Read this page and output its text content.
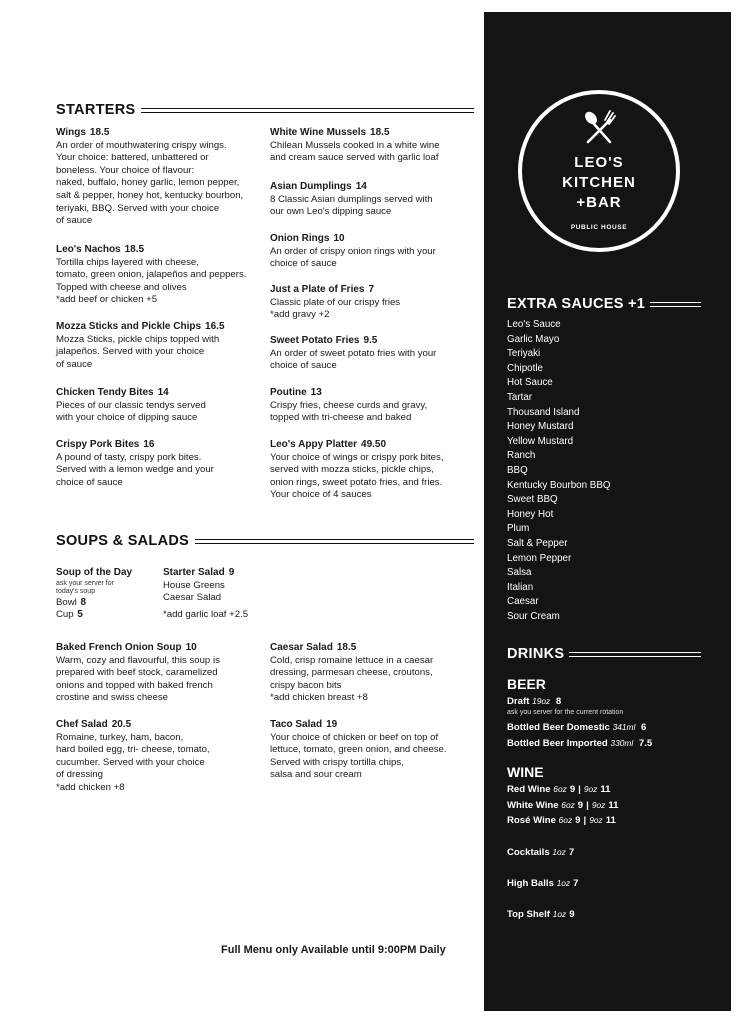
STARTERS
Wings 18.5
An order of mouthwatering crispy wings.
Your choice: battered, unbattered or
boneless. Your choice of flavour:
naked, buffalo, honey garlic, lemon pepper,
salt & pepper, honey hot, kentucky bourbon,
teriyaki, BBQ. Served with your choice
of sauce
Leo's Nachos 18.5
Tortilla chips layered with cheese,
tomato, green onion, jalapeños and peppers.
Topped with cheese and olives
*add beef or chicken +5
Mozza Sticks and Pickle Chips 16.5
Mozza Sticks, pickle chips topped with
jalapeños. Served with your choice
of sauce
Chicken Tendy Bites 14
Pieces of our classic tendys served
with your choice of dipping sauce
Crispy Pork Bites 16
A pound of tasty, crispy pork bites.
Served with a lemon wedge and your
choice of sauce
White Wine Mussels 18.5
Chilean Mussels cooked in a white wine
and cream sauce served with garlic loaf
Asian Dumplings 14
8 Classic Asian dumplings served with
our own Leo's dipping sauce
Onion Rings 10
An order of crispy onion rings with your
choice of sauce
Just a Plate of Fries 7
Classic plate of our crispy fries
*add gravy +2
Sweet Potato Fries 9.5
An order of sweet potato fries with your
choice of sauce
Poutine 13
Crispy fries, cheese curds and gravy,
topped with tri-cheese and baked
Leo's Appy Platter 49.50
Your choice of wings or crispy pork bites,
served with mozza sticks, pickle chips,
onion rings, sweet potato fries, and fries.
Your choice of 4 sauces
SOUPS & SALADS
Soup of the Day
ask your server for
today's soup
Bowl 8
Cup 5
Starter Salad 9
House Greens
Caesar Salad
*add garlic loaf +2.5
Baked French Onion Soup 10
Warm, cozy and flavourful, this soup is
prepared with beef stock, caramelized
onions and topped with baked french
crostine and swiss cheese
Chef Salad 20.5
Romaine, turkey, ham, bacon,
hard boiled egg, tri- cheese, tomato,
cucumber. Served with your choice
of dressing
*add chicken +8
Caesar Salad 18.5
Cold, crisp romaine lettuce in a caesar
dressing, parmesan cheese, croutons,
crispy bacon bits
*add chicken breast +8
Taco Salad 19
Your choice of chicken or beef on top of
lettuce, tomato, green onion, and cheese.
Served with crispy tortilla chips,
salsa and sour cream
Full Menu only Available until 9:00PM Daily
LEO'S
KITCHEN
+BAR
PUBLIC HOUSE
EXTRA SAUCES +1
Leo's Sauce
Garlic Mayo
Teriyaki
Chipotle
Hot Sauce
Tartar
Thousand Island
Honey Mustard
Yellow Mustard
Ranch
BBQ
Kentucky Bourbon BBQ
Sweet BBQ
Honey Hot
Plum
Salt & Pepper
Lemon Pepper
Salsa
Italian
Caesar
Sour Cream
DRINKS
BEER
Draft 19oz 8
ask you server for the current rotation
Bottled Beer Domestic 341ml 6
Bottled Beer Imported 330ml 7.5
WINE
Red Wine 6oz 9 | 9oz 11
White Wine 6oz 9 | 9oz 11
Rosé Wine 6oz 9 | 9oz 11
Cocktails 1oz 7
High Balls 1oz 7
Top Shelf 1oz 9
